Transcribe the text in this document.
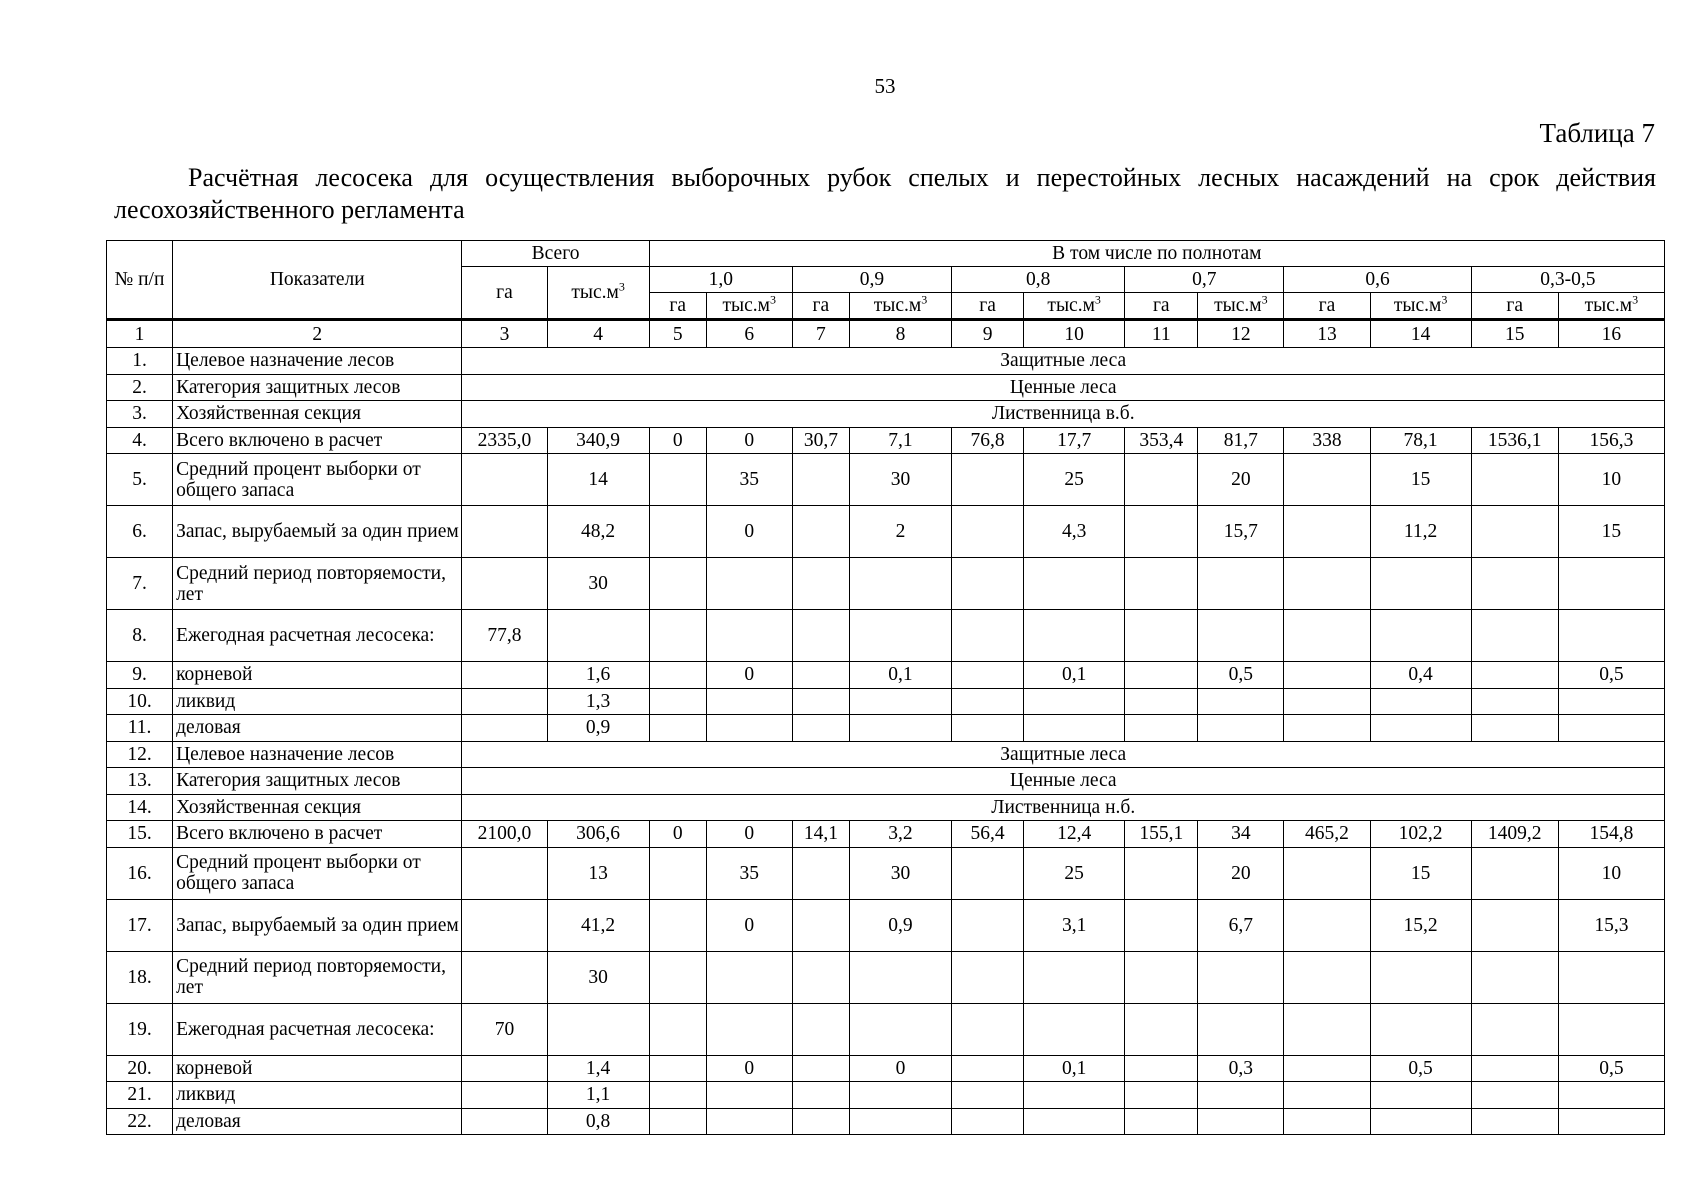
53
Таблица 7
Расчётная лесосека для осуществления выборочных рубок спелых и перестойных лесных насаждений на срок действия лесохозяйственного регламента
№ п/п	Показатели	Всего		В том числе по полнотам											
		га	$тыс.м^3$	1,0		0,9		0,8		0,7		0,6		0,3-0,5	
				га	$тыс.м^3$	га	$тыс.м^3$	га	$тыс.м^3$	га	$тыс.м^3$	га	$тыс.м^3$	га	$тыс.м^3$
1	2	3	4	5	6	7	8	9	10	11	12	13	14	15	16
1.	Целевое назначение лесов	Защитные леса													
2.	Категория защитных лесов	Ценные леса													
3.	Хозяйственная секция	Лиственница в.б.													
4.	Всего включено в расчет	2335,0	340,9	0	0	30,7	7,1	76,8	17,7	353,4	81,7	338	78,1	1536,1	156,3
5.	Средний процент выборки от общего запаса		14		35		30		25		20		15		10
6.	Запас, вырубаемый за один прием		48,2		0		2		4,3		15,7		11,2		15
7.	Средний период повторяемости, лет		30												
8.	Ежегодная расчетная лесосека:	77,8													
9.	корневой		1,6		0		0,1		0,1		0,5		0,4		0,5
10.	ликвид		1,3												
11.	деловая		0,9												
12.	Целевое назначение лесов	Защитные леса													
13.	Категория защитных лесов	Ценные леса													
14.	Хозяйственная секция	Лиственница н.б.													
15.	Всего включено в расчет	2100,0	306,6	0	0	14,1	3,2	56,4	12,4	155,1	34	465,2	102,2	1409,2	154,8
16.	Средний процент выборки от общего запаса		13		35		30		25		20		15		10
17.	Запас, вырубаемый за один прием		41,2		0		0,9		3,1		6,7		15,2		15,3
18.	Средний период повторяемости, лет		30												
19.	Ежегодная расчетная лесосека:	70													
20.	корневой		1,4		0		0		0,1		0,3		0,5		0,5
21.	ликвид		1,1												
22.	деловая		0,8												
